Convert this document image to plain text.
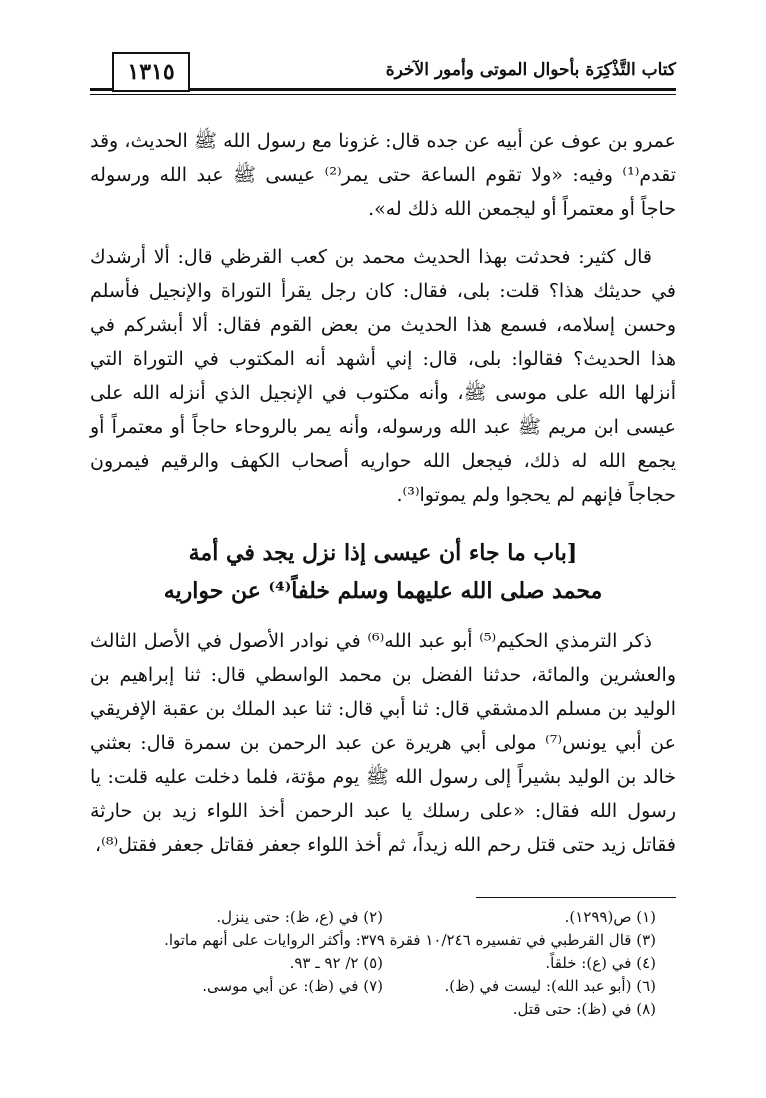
كتاب التَّذْكِرَة بأحوال الموتى وأمور الآخرة
١٣١٥

عمرو بن عوف عن أبيه عن جده قال: غزونا مع رسول الله ﷺ الحديث، وقد تقدم⁽¹⁾ وفيه: «ولا تقوم الساعة حتى يمر⁽²⁾ عيسى ﷺ عبد الله ورسوله حاجاً أو معتمراً أو ليجمعن الله ذلك له».

قال كثير: فحدثت بهذا الحديث محمد بن كعب القرظي قال: ألا أرشدك في حديثك هذا؟ قلت: بلى، فقال: كان رجل يقرأ التوراة والإنجيل فأسلم وحسن إسلامه، فسمع هذا الحديث من بعض القوم فقال: ألا أبشركم في هذا الحديث؟ فقالوا: بلى، قال: إني أشهد أنه المكتوب في التوراة التي أنزلها الله على موسى ﷺ، وأنه مكتوب في الإنجيل الذي أنزله الله على عيسى ابن مريم ﷺ عبد الله ورسوله، وأنه يمر بالروحاء حاجاً أو معتمراً أو يجمع الله له ذلك، فيجعل الله حواريه أصحاب الكهف والرقيم فيمرون حجاجاً فإنهم لم يحجوا ولم يموتوا⁽³⁾.

[باب ما جاء أن عيسى إذا نزل يجد في أمة
محمد صلى الله عليهما وسلم خلفاً⁽⁴⁾ عن حواريه

ذكر الترمذي الحكيم⁽⁵⁾ أبو عبد الله⁽⁶⁾ في نوادر الأصول في الأصل الثالث والعشرين والمائة، حدثنا الفضل بن محمد الواسطي قال: ثنا إبراهيم بن الوليد بن مسلم الدمشقي قال: ثنا أبي قال: ثنا عبد الملك بن عقبة الإفريقي عن أبي يونس⁽⁷⁾ مولى أبي هريرة عن عبد الرحمن بن سمرة قال: بعثني خالد بن الوليد بشيراً إلى رسول الله ﷺ يوم مؤتة، فلما دخلت عليه قلت: يا رسول الله فقال: «على رسلك يا عبد الرحمن أخذ اللواء زيد بن حارثة فقاتل زيد حتى قتل رحم الله زيداً، ثم أخذ اللواء جعفر فقاتل جعفر فقتل⁽⁸⁾،

(١) ص(١٢٩٩).
(٢) في (ع، ظ): حتى ينزل.
(٣) قال القرطبي في تفسيره ١٠/٢٤٦ فقرة ٣٧٩: وأكثر الروايات على أنهم ماتوا.
(٤) في (ع): خلقاً.
(٥) ٢/ ٩٢ ـ ٩٣.
(٦) (أبو عبد الله): ليست في (ظ).
(٧) في (ظ): عن أبي موسى.
(٨) في (ظ): حتى قتل.
